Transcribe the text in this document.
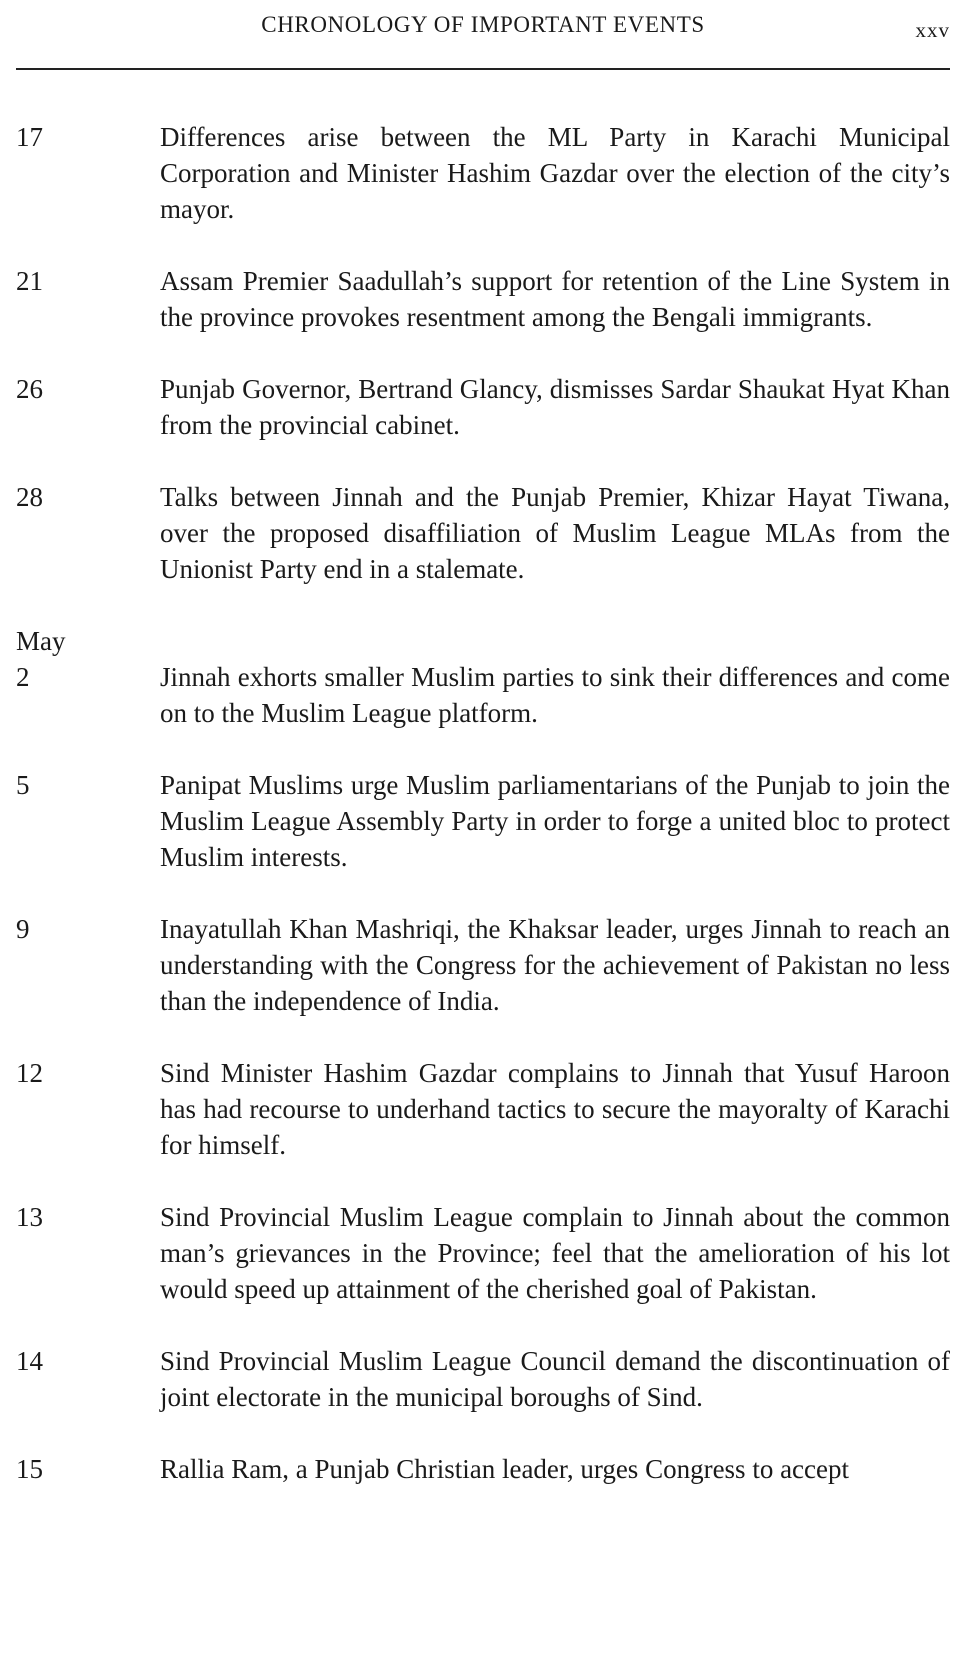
CHRONOLOGY OF IMPORTANT EVENTS	xxv
17	Differences arise between the ML Party in Karachi Municipal Corporation and Minister Hashim Gazdar over the election of the city’s mayor.

21	Assam Premier Saadullah’s support for retention of the Line System in the province provokes resentment among the Bengali immigrants.

26	Punjab Governor, Bertrand Glancy, dismisses Sardar Shaukat Hyat Khan from the provincial cabinet.

28	Talks between Jinnah and the Punjab Premier, Khizar Hayat Tiwana, over the proposed disaffiliation of Muslim League MLAs from the Unionist Party end in a stalemate.

May

2	Jinnah exhorts smaller Muslim parties to sink their differences and come on to the Muslim League platform.

5	Panipat Muslims urge Muslim parliamentarians of the Punjab to join the Muslim League Assembly Party in order to forge a united bloc to protect Muslim interests.

9	Inayatullah Khan Mashriqi, the Khaksar leader, urges Jinnah to reach an understanding with the Congress for the achievement of Pakistan no less than the independence of India.

12	Sind Minister Hashim Gazdar complains to Jinnah that Yusuf Haroon has had recourse to underhand tactics to secure the mayoralty of Karachi for himself.

13	Sind Provincial Muslim League complain to Jinnah about the common man’s grievances in the Province; feel that the amelioration of his lot would speed up attainment of the cherished goal of Pakistan.

14	Sind Provincial Muslim League Council demand the discontinuation of joint electorate in the municipal boroughs of Sind.

15	Rallia Ram, a Punjab Christian leader, urges Congress to accept
